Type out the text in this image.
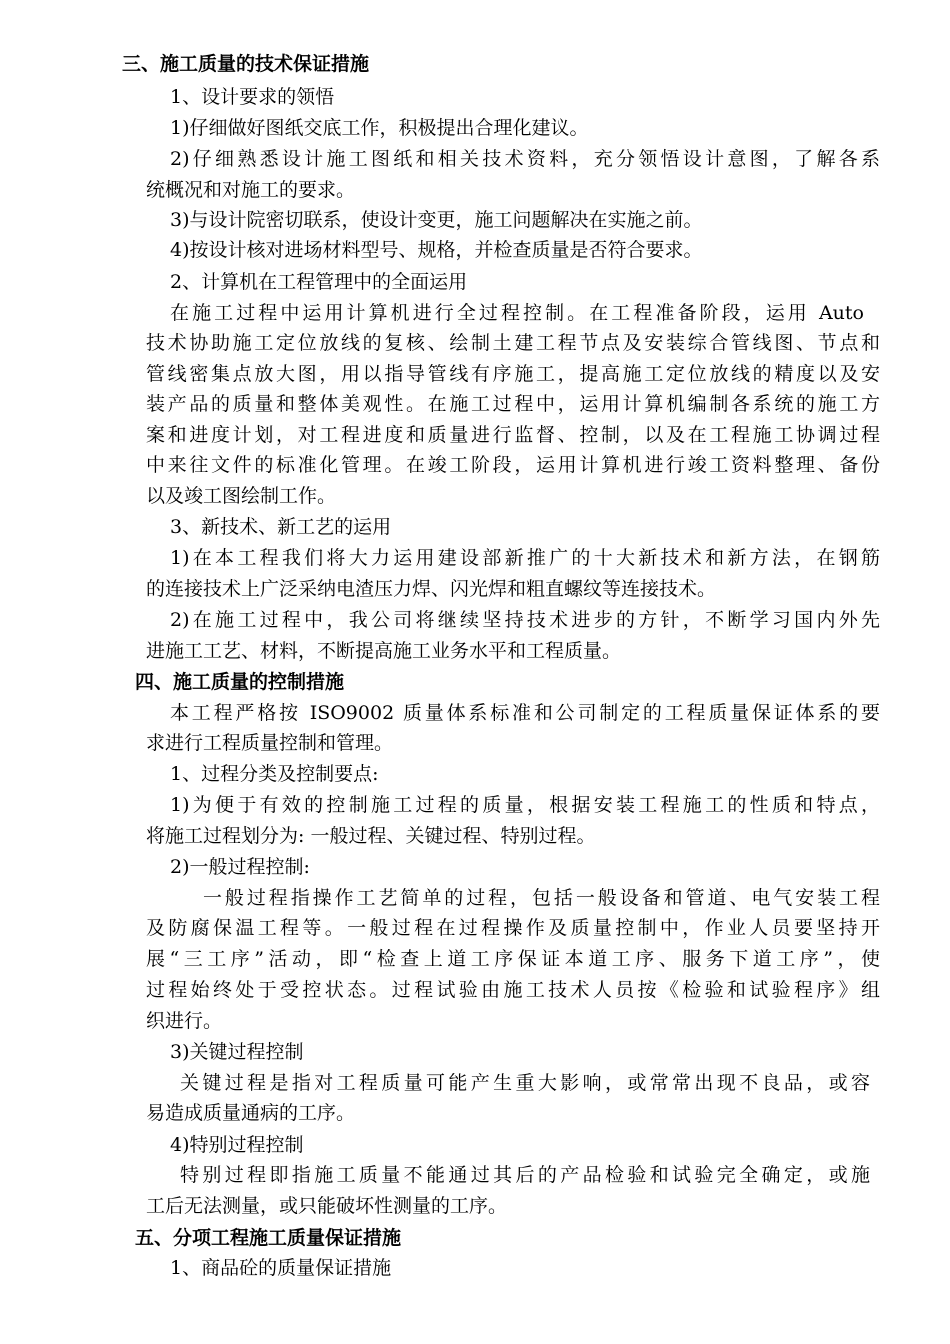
三、施工质量的技术保证措施
1、设计要求的领悟
1)仔细做好图纸交底工作，积极提出合理化建议。
2)仔细熟悉设计施工图纸和相关技术资料，充分领悟设计意图，了解各系
统概况和对施工的要求。
3)与设计院密切联系，使设计变更，施工问题解决在实施之前。
4)按设计核对进场材料型号、规格，并检查质量是否符合要求。
2、计算机在工程管理中的全面运用
在施工过程中运用计算机进行全过程控制。在工程准备阶段，运用 Auto
技术协助施工定位放线的复核、绘制土建工程节点及安装综合管线图、节点和
管线密集点放大图，用以指导管线有序施工，提高施工定位放线的精度以及安
装产品的质量和整体美观性。在施工过程中，运用计算机编制各系统的施工方
案和进度计划，对工程进度和质量进行监督、控制，以及在工程施工协调过程
中来往文件的标准化管理。在竣工阶段，运用计算机进行竣工资料整理、备份
以及竣工图绘制工作。
3、新技术、新工艺的运用
1)在本工程我们将大力运用建设部新推广的十大新技术和新方法，在钢筋
的连接技术上广泛采纳电渣压力焊、闪光焊和粗直螺纹等连接技术。
2)在施工过程中，我公司将继续坚持技术进步的方针，不断学习国内外先
进施工工艺、材料，不断提高施工业务水平和工程质量。
四、施工质量的控制措施
本工程严格按 ISO9002 质量体系标准和公司制定的工程质量保证体系的要
求进行工程质量控制和管理。
1、过程分类及控制要点:
1)为便于有效的控制施工过程的质量，根据安装工程施工的性质和特点，
将施工过程划分为: 一般过程、关键过程、特别过程。
2)一般过程控制:
一般过程指操作工艺简单的过程，包括一般设备和管道、电气安装工程
及防腐保温工程等。一般过程在过程操作及质量控制中，作业人员要坚持开
展“三工序”活动，即“检查上道工序保证本道工序、服务下道工序”，使
过程始终处于受控状态。过程试验由施工技术人员按《检验和试验程序》组
织进行。
3)关键过程控制
关键过程是指对工程质量可能产生重大影响，或常常出现不良品，或容
易造成质量通病的工序。
4)特别过程控制
特别过程即指施工质量不能通过其后的产品检验和试验完全确定，或施
工后无法测量，或只能破坏性测量的工序。
五、分项工程施工质量保证措施
1、商品砼的质量保证措施
